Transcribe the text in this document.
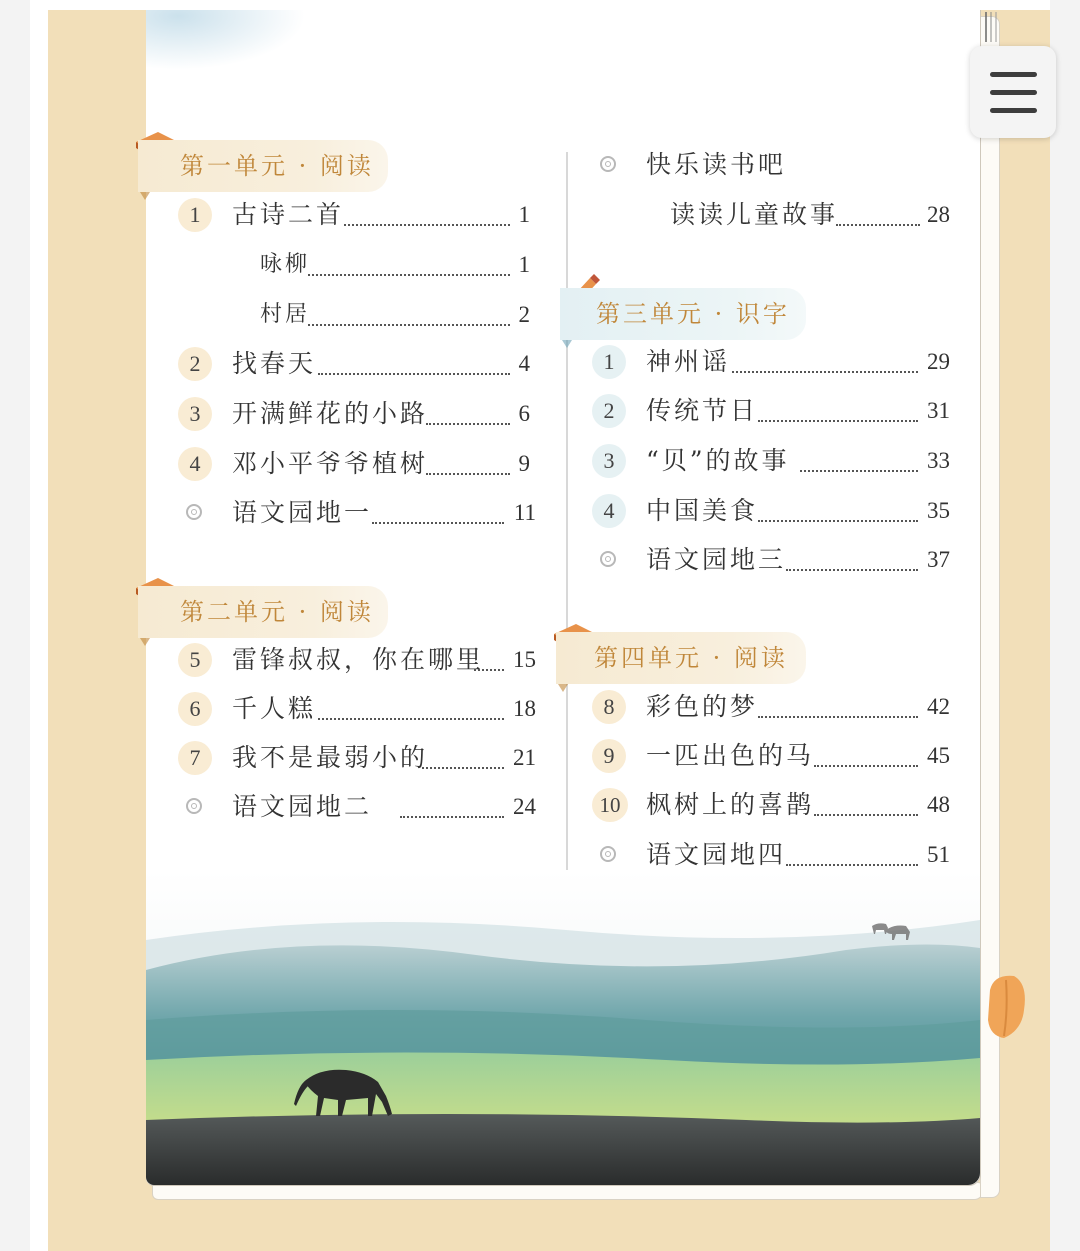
第一单元 · 阅读
1	古诗二首	1
咏柳	1
村居	2
2	找春天	4
3	开满鲜花的小路	6
4	邓小平爷爷植树	9
语文园地一	11
第二单元 · 阅读
5	雷锋叔叔，你在哪里 15
6	千人糕	18
7	我不是最弱小的	21
语文园地二	24
快乐读书吧
读读儿童故事	28
第三单元 · 识字
1	神州谣	29
2	传统节日	31
3	“贝”的故事	33
4	中国美食	35
语文园地三	37
第四单元 · 阅读
8	彩色的梦	42
9	一匹出色的马	45
10	枫树上的喜鹊	48
语文园地四	51
